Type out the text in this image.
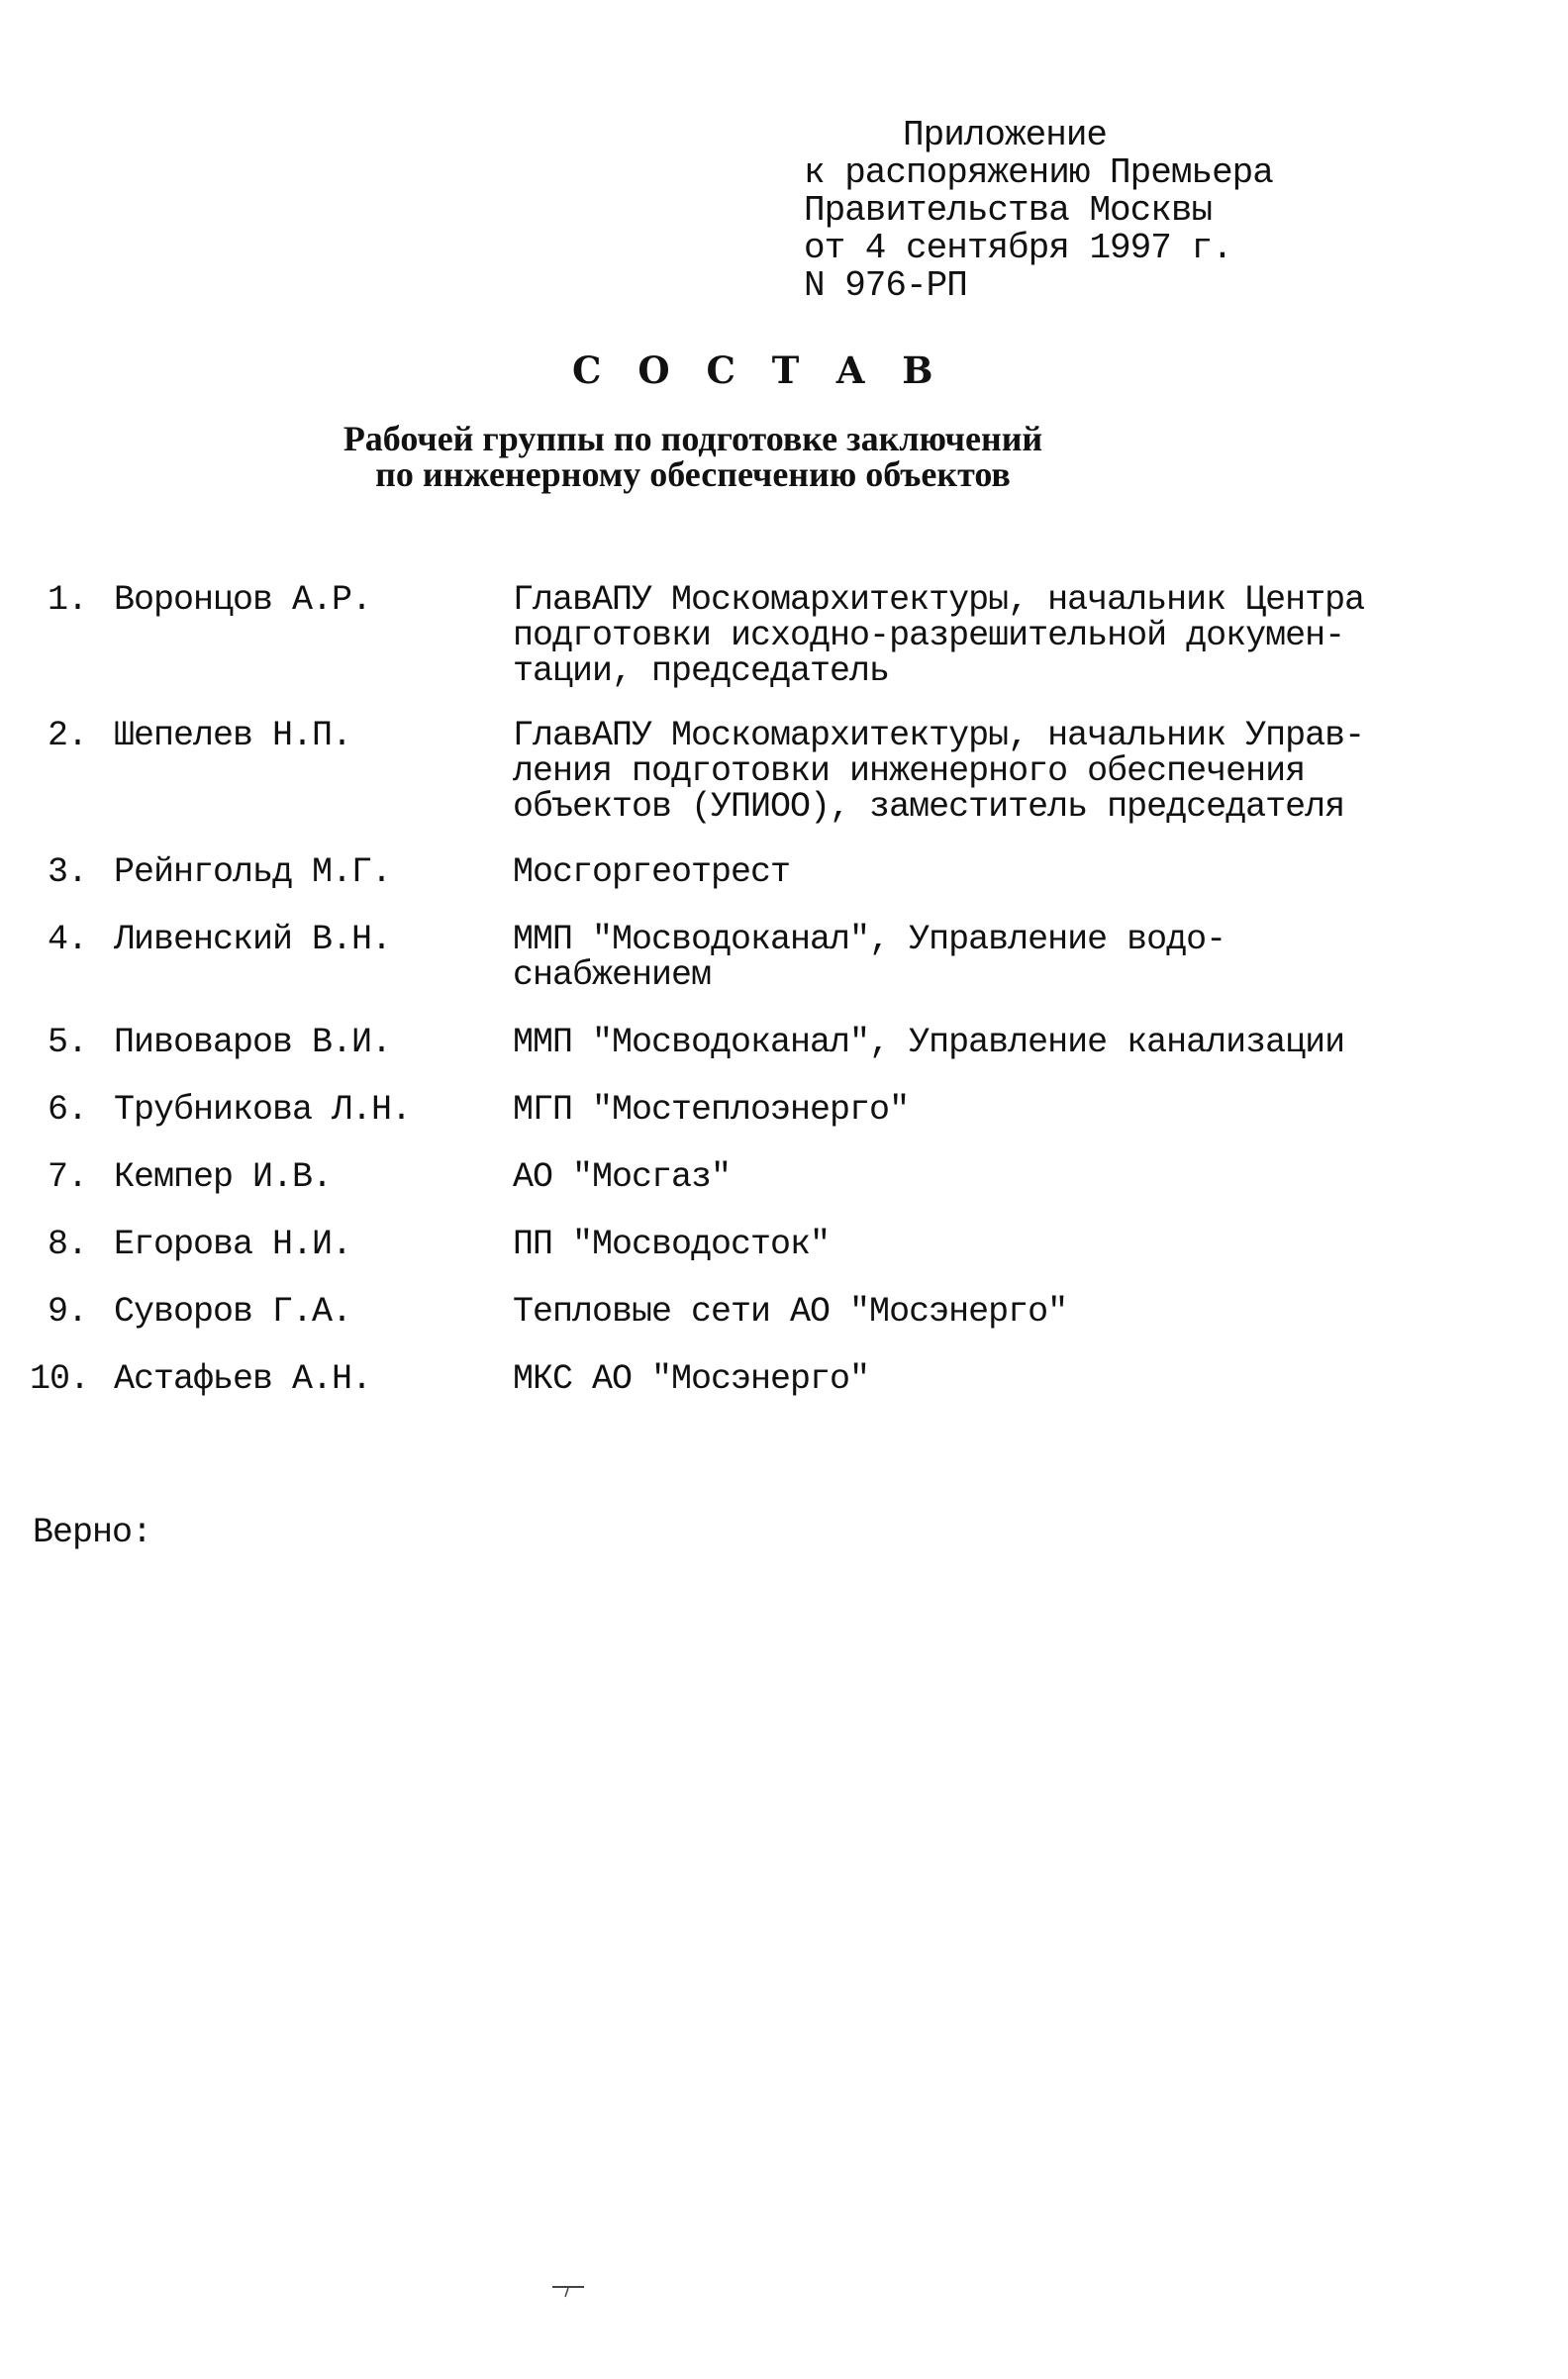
Приложение
к распоряжению Премьера
Правительства Москвы
от 4 сентября 1997 г.
N 976-РП
С О С Т А В
Рабочей группы по подготовке заключений
по инженерному обеспечению объектов
1. Воронцов А.Р.	ГлавАПУ Москомархитектуры, начальник Центра
подготовки исходно-разрешительной докумен-
тации, председатель
2. Шепелев Н.П.	ГлавАПУ Москомархитектуры, начальник Управ-
ления подготовки инженерного обеспечения
объектов (УПИОО), заместитель председателя
3. Рейнгольд М.Г.	Мосгоргеотрест
4. Ливенский В.Н.	ММП "Мосводоканал", Управление водо-
снабжением
5. Пивоваров В.И.	ММП "Мосводоканал", Управление канализации
6. Трубникова Л.Н.	МГП "Мостеплоэнерго"
7. Кемпер И.В.	АО "Мосгаз"
8. Егорова Н.И.	ПП "Мосводосток"
9. Суворов Г.А.	Тепловые сети АО "Мосэнерго"
10. Астафьев А.Н.	МКС АО "Мосэнерго"
Верно:
